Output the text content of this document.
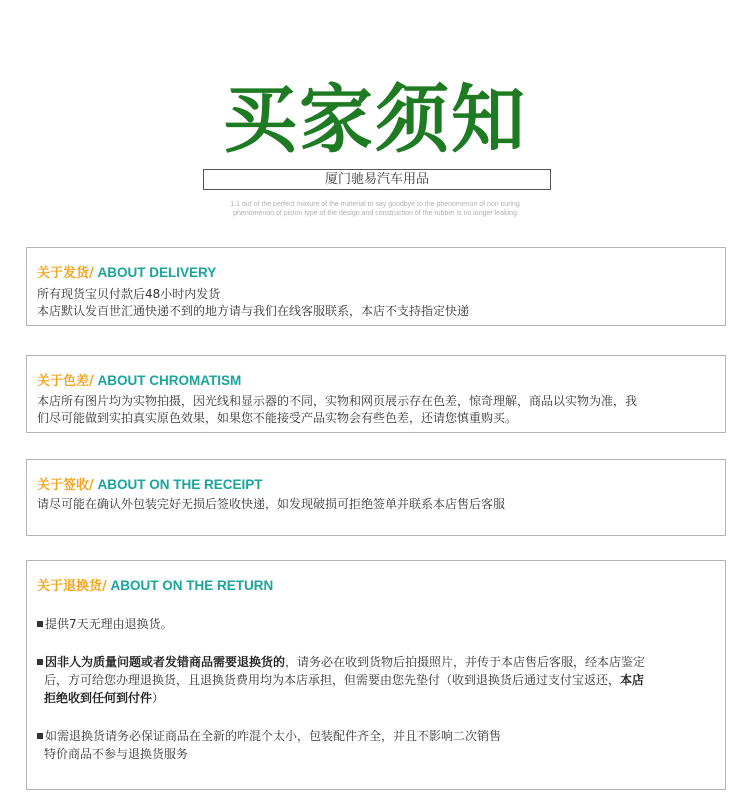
买家须知
厦门驰易汽车用品
1:1 out of the perfect mixture of the material to say goodbye to the phenomenon of non curing
phenomenon of piston type of the design and construction of the rubber is no longer leaking
关于发货/ ABOUT DELIVERY
所有现货宝贝付款后48小时内发货
本店默认发百世汇通快递不到的地方请与我们在线客服联系，本店不支持指定快递
关于色差/ ABOUT CHROMATISM
本店所有图片均为实物拍摄，因光线和显示器的不同，实物和网页展示存在色差，惊奇理解，商品以实物为准，我
们尽可能做到实拍真实原色效果，如果您不能接受产品实物会有些色差，还请您慎重购买。
关于签收/ ABOUT ON THE RECEIPT
请尽可能在确认外包装完好无损后签收快递，如发现破损可拒绝签单并联系本店售后客服
关于退换货/ ABOUT ON THE RETURN
提供7天无理由退换货。
因非人为质量问题或者发错商品需要退换货的，请务必在收到货物后拍摄照片，并传于本店售后客服，经本店鉴定
后，方可给您办理退换货，且退换货费用均为本店承担，但需要由您先垫付（收到退换货后通过支付宝返还，本店
拒绝收到任何到付件）
如需退换货请务必保证商品在全新的咋混个太小，包装配件齐全，并且不影响二次销售
特价商品不参与退换货服务
